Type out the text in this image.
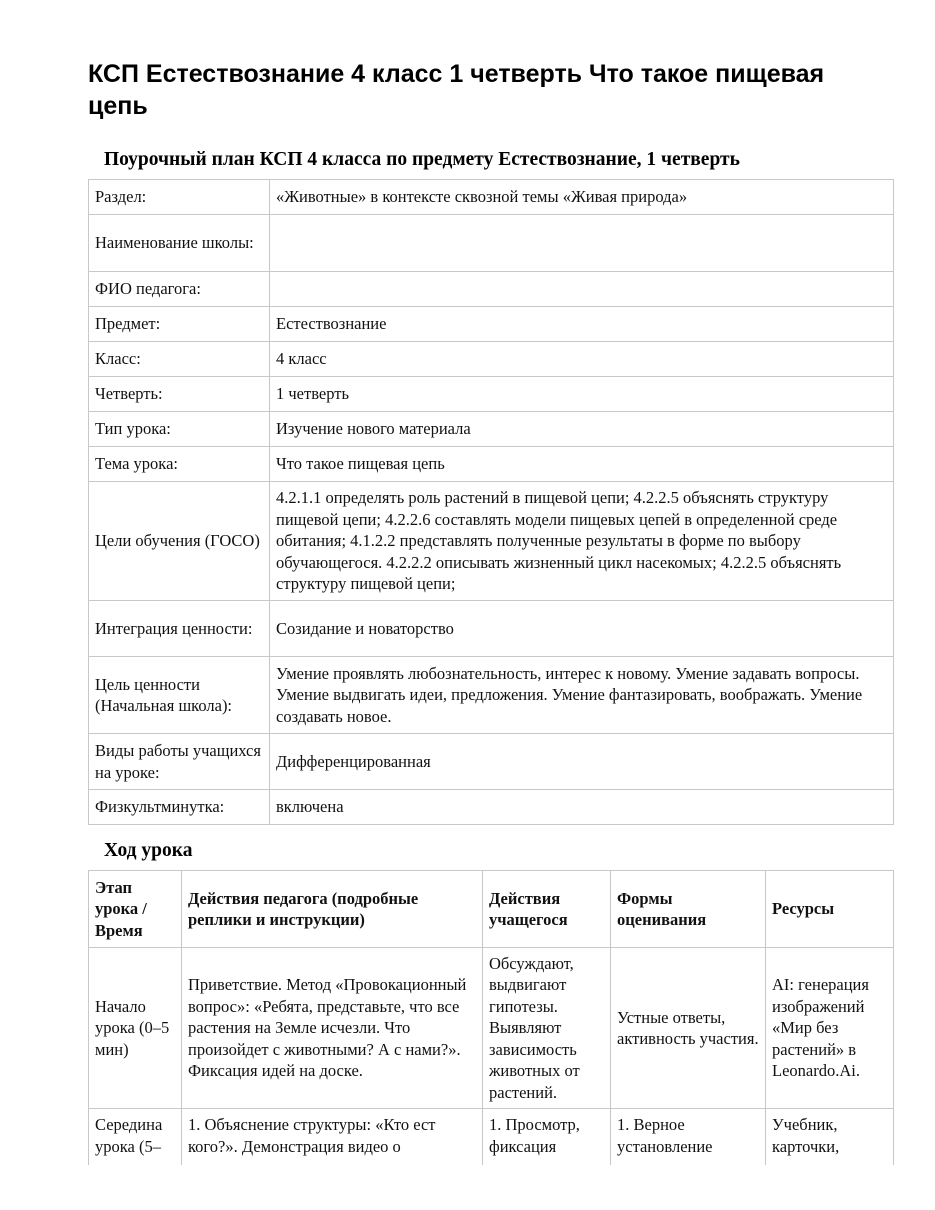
КСП Естествознание 4 класс 1 четверть Что такое пищевая цепь
Поурочный план КСП 4 класса по предмету Естествознание, 1 четверть
Раздел:	«Животные» в контексте сквозной темы «Живая природа»
Наименование школы:	
ФИО педагога:	
Предмет:	Естествознание
Класс:	4 класс
Четверть:	1 четверть
Тип урока:	Изучение нового материала
Тема урока:	Что такое пищевая цепь
Цели обучения (ГОСО)	4.2.1.1 определять роль растений в пищевой цепи; 4.2.2.5 объяснять структуру пищевой цепи; 4.2.2.6 составлять модели пищевых цепей в определенной среде обитания; 4.1.2.2 представлять полученные результаты в форме по выбору обучающегося. 4.2.2.2 описывать жизненный цикл насекомых; 4.2.2.5 объяснять структуру пищевой цепи;
Интеграция ценности:	Созидание и новаторство
Цель ценности (Начальная школа):	Умение проявлять любознательность, интерес к новому. Умение задавать вопросы. Умение выдвигать идеи, предложения. Умение фантазировать, воображать. Умение создавать новое.
Виды работы учащихся на уроке:	Дифференцированная
Физкультминутка:	включена
Ход урока
Этап урока / Время	Действия педагога (подробные реплики и инструкции)	Действия учащегося	Формы оценивания	Ресурсы
Начало урока (0–5 мин)	Приветствие. Метод «Провокационный вопрос»: «Ребята, представьте, что все растения на Земле исчезли. Что произойдет с животными? А с нами?». Фиксация идей на доске.	Обсуждают, выдвигают гипотезы. Выявляют зависимость животных от растений.	Устные ответы, активность участия.	AI: генерация изображений «Мир без растений» в Leonardo.Ai.
Середина урока (5–	1. Объяснение структуры: «Кто ест кого?». Демонстрация видео о	1. Просмотр, фиксация	1. Верное установление	Учебник, карточки,
